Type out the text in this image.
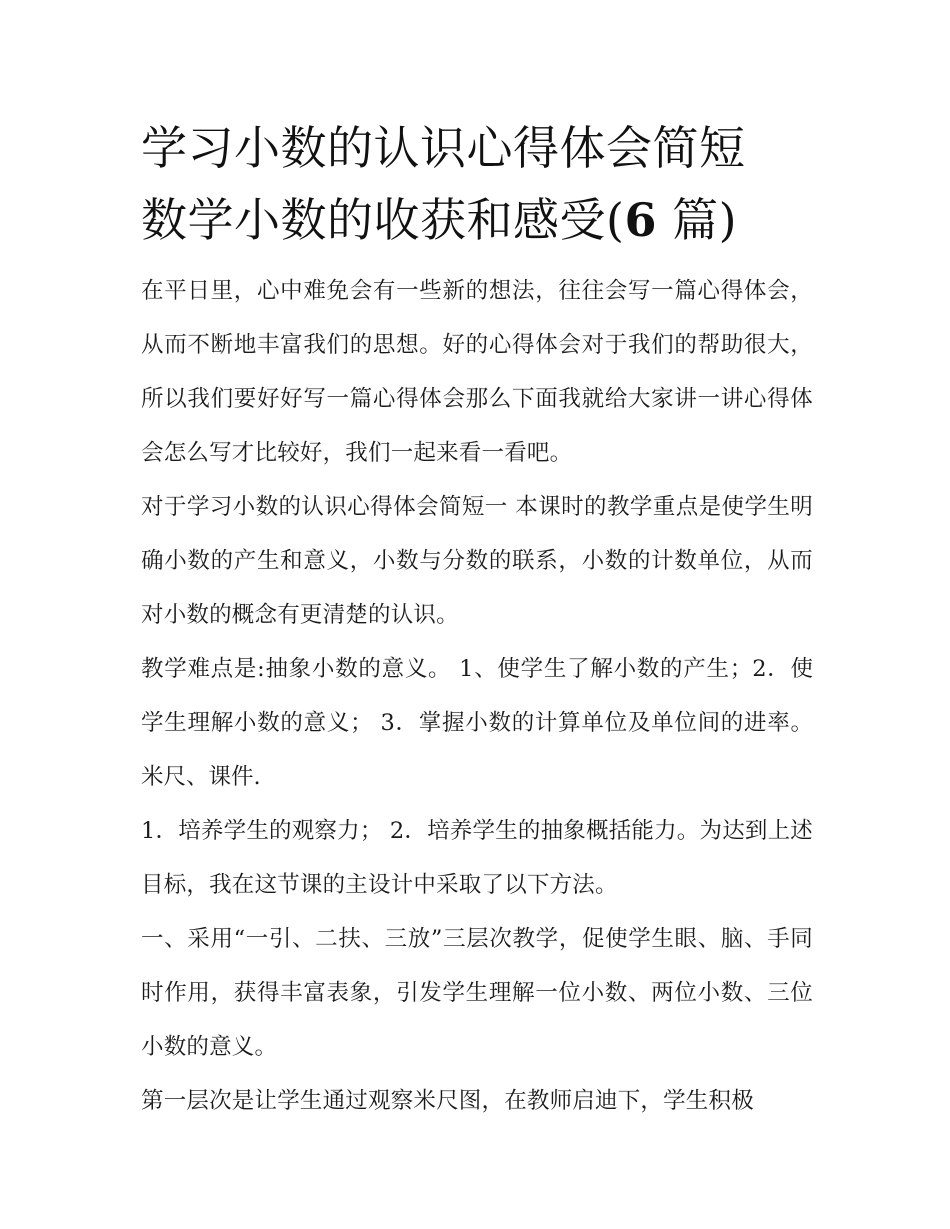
学习小数的认识心得体会简短
数学小数的收获和感受(6 篇)

在平日里，心中难免会有一些新的想法，往往会写一篇心得体会，从而不断地丰富我们的思想。好的心得体会对于我们的帮助很大，所以我们要好好写一篇心得体会那么下面我就给大家讲一讲心得体会怎么写才比较好，我们一起来看一看吧。

对于学习小数的认识心得体会简短一 本课时的教学重点是使学生明确小数的产生和意义，小数与分数的联系，小数的计数单位，从而对小数的概念有更清楚的认识。

教学难点是:抽象小数的意义。 1、使学生了解小数的产生；2．使学生理解小数的意义； 3．掌握小数的计算单位及单位间的进率。 米尺、课件.

1．培养学生的观察力； 2．培养学生的抽象概括能力。为达到上述目标，我在这节课的主设计中采取了以下方法。

一、采用“一引、二扶、三放”三层次教学，促使学生眼、脑、手同时作用，获得丰富表象，引发学生理解一位小数、两位小数、三位小数的意义。

第一层次是让学生通过观察米尺图，在教师启迪下，学生积极
